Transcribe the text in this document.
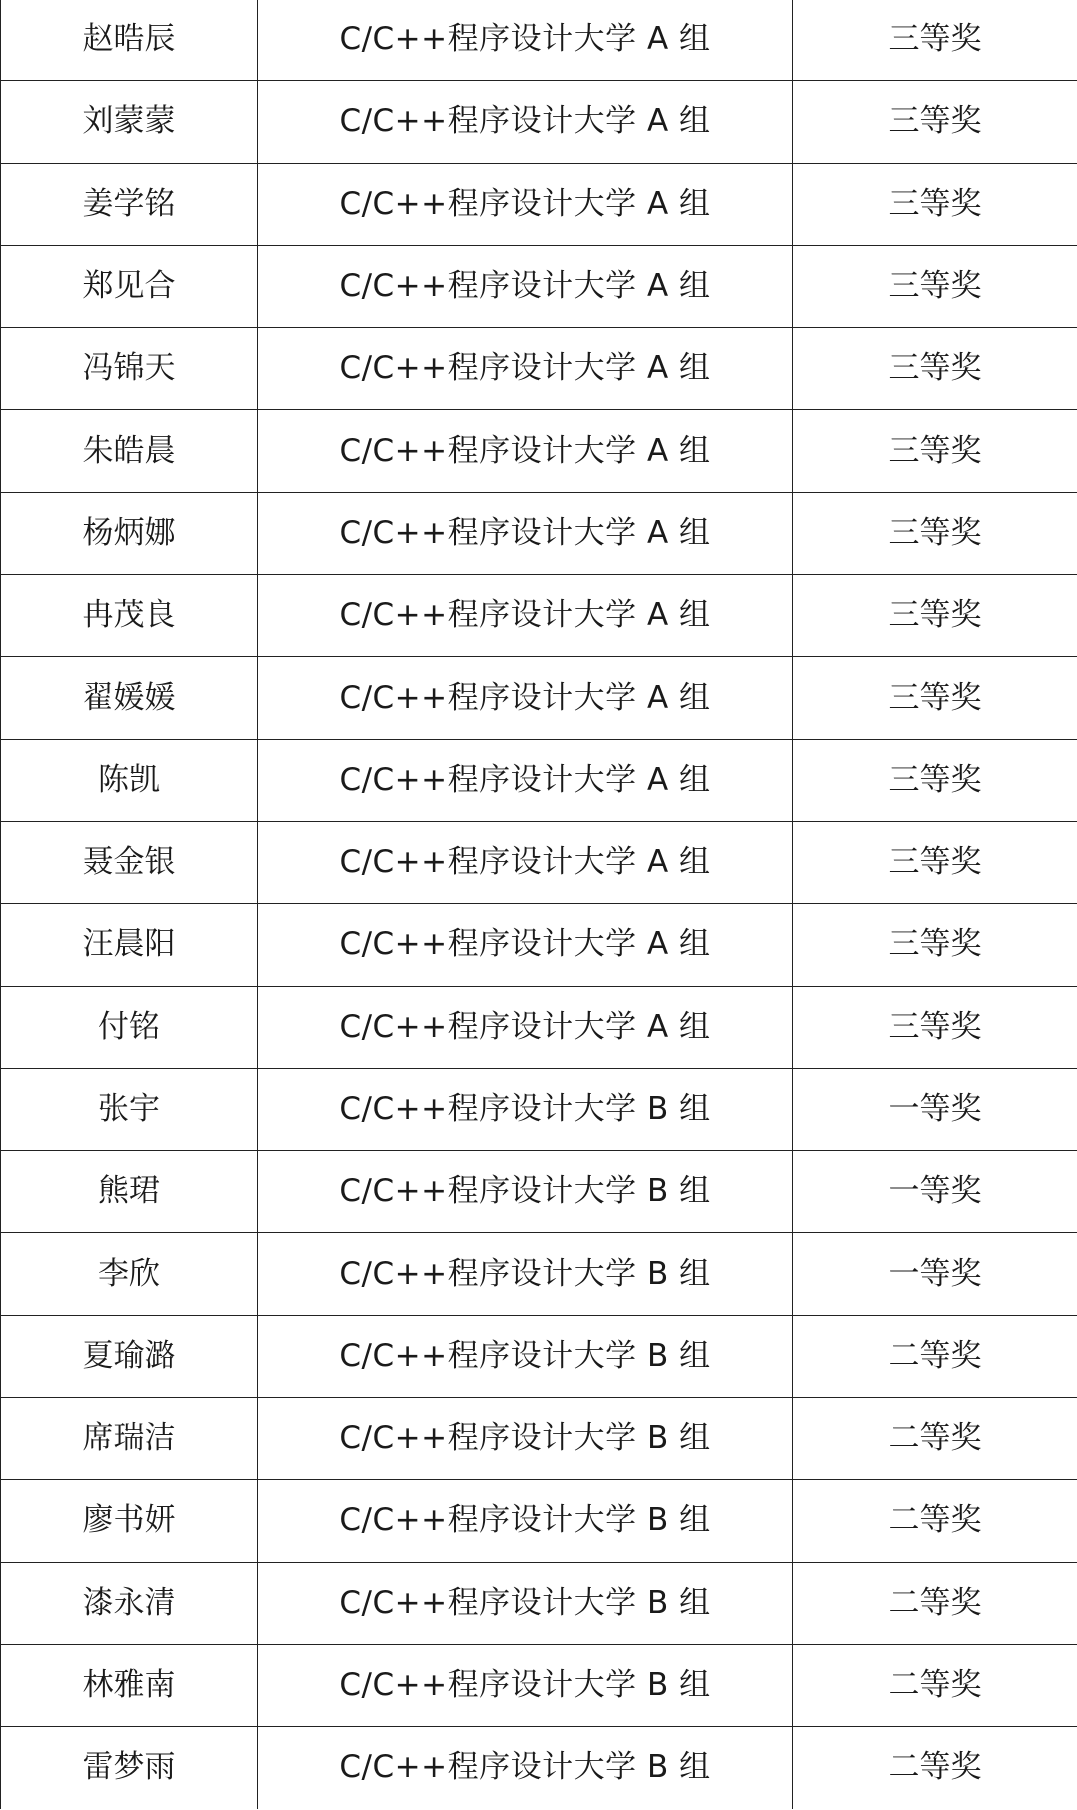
赵晧辰	C/C++程序设计大学 A 组	三等奖
刘蒙蒙	C/C++程序设计大学 A 组	三等奖
姜学铭	C/C++程序设计大学 A 组	三等奖
郑见合	C/C++程序设计大学 A 组	三等奖
冯锦天	C/C++程序设计大学 A 组	三等奖
朱皓晨	C/C++程序设计大学 A 组	三等奖
杨炳娜	C/C++程序设计大学 A 组	三等奖
冉茂良	C/C++程序设计大学 A 组	三等奖
翟媛媛	C/C++程序设计大学 A 组	三等奖
陈凯	C/C++程序设计大学 A 组	三等奖
聂金银	C/C++程序设计大学 A 组	三等奖
汪晨阳	C/C++程序设计大学 A 组	三等奖
付铭	C/C++程序设计大学 A 组	三等奖
张宇	C/C++程序设计大学 B 组	一等奖
熊珺	C/C++程序设计大学 B 组	一等奖
李欣	C/C++程序设计大学 B 组	一等奖
夏瑜潞	C/C++程序设计大学 B 组	二等奖
席瑞洁	C/C++程序设计大学 B 组	二等奖
廖书妍	C/C++程序设计大学 B 组	二等奖
漆永清	C/C++程序设计大学 B 组	二等奖
林雅南	C/C++程序设计大学 B 组	二等奖
雷梦雨	C/C++程序设计大学 B 组	二等奖
